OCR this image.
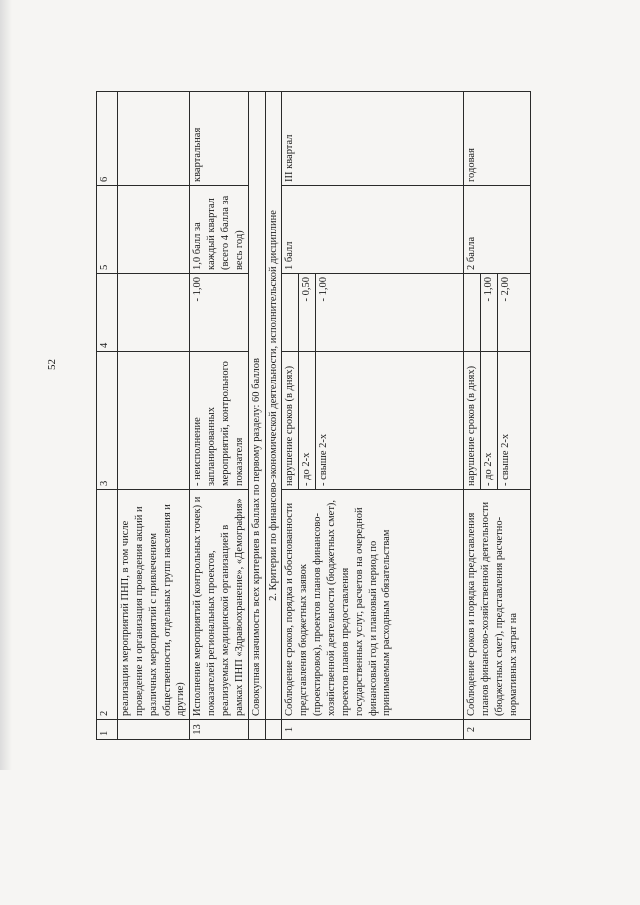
52
1	2	3	4	5	6
	реализации мероприятий ПНП, в том числе проведение и организация проведения акций и различных мероприятий с привлечением общественности, отдельных групп населения и другие)				
13	Исполнение мероприятий (контрольных точек) и показателей региональных проектов, реализуемых медицинской организацией в рамках ПНП «Здравоохранение», «Демография»	- неисполнение запланированных мероприятий, контрольного показателя	- 1,00	1,0 балл за каждый квартал (всего 4 балла за весь год)	квартальная
	Совокупная значимость всех критериев в баллах по первому разделу: 60 баллов				
	2. Критерии по финансово-экономической деятельности, исполнительской дисциплине				
1	Соблюдение сроков, порядка и обоснованности представления бюджетных заявок (проектировок), проектов планов финансово-хозяйственной деятельности (бюджетных смет), проектов планов предоставления государственных услуг, расчетов на очередной финансовый год и плановый период по принимаемым расходным обязательствам	нарушение сроков (в днях)		1 балл	III квартал
		- до 2-х	- 0,50		
		- свыше 2-х	- 1,00		
2	Соблюдение сроков и порядка представления планов финансово-хозяйственной деятельности (бюджетных смет), представления расчетно-нормативных затрат на	нарушение сроков (в днях)		2 балла	годовая
		- до 2-х	- 1,00		
		- свыше 2-х	- 2,00		
